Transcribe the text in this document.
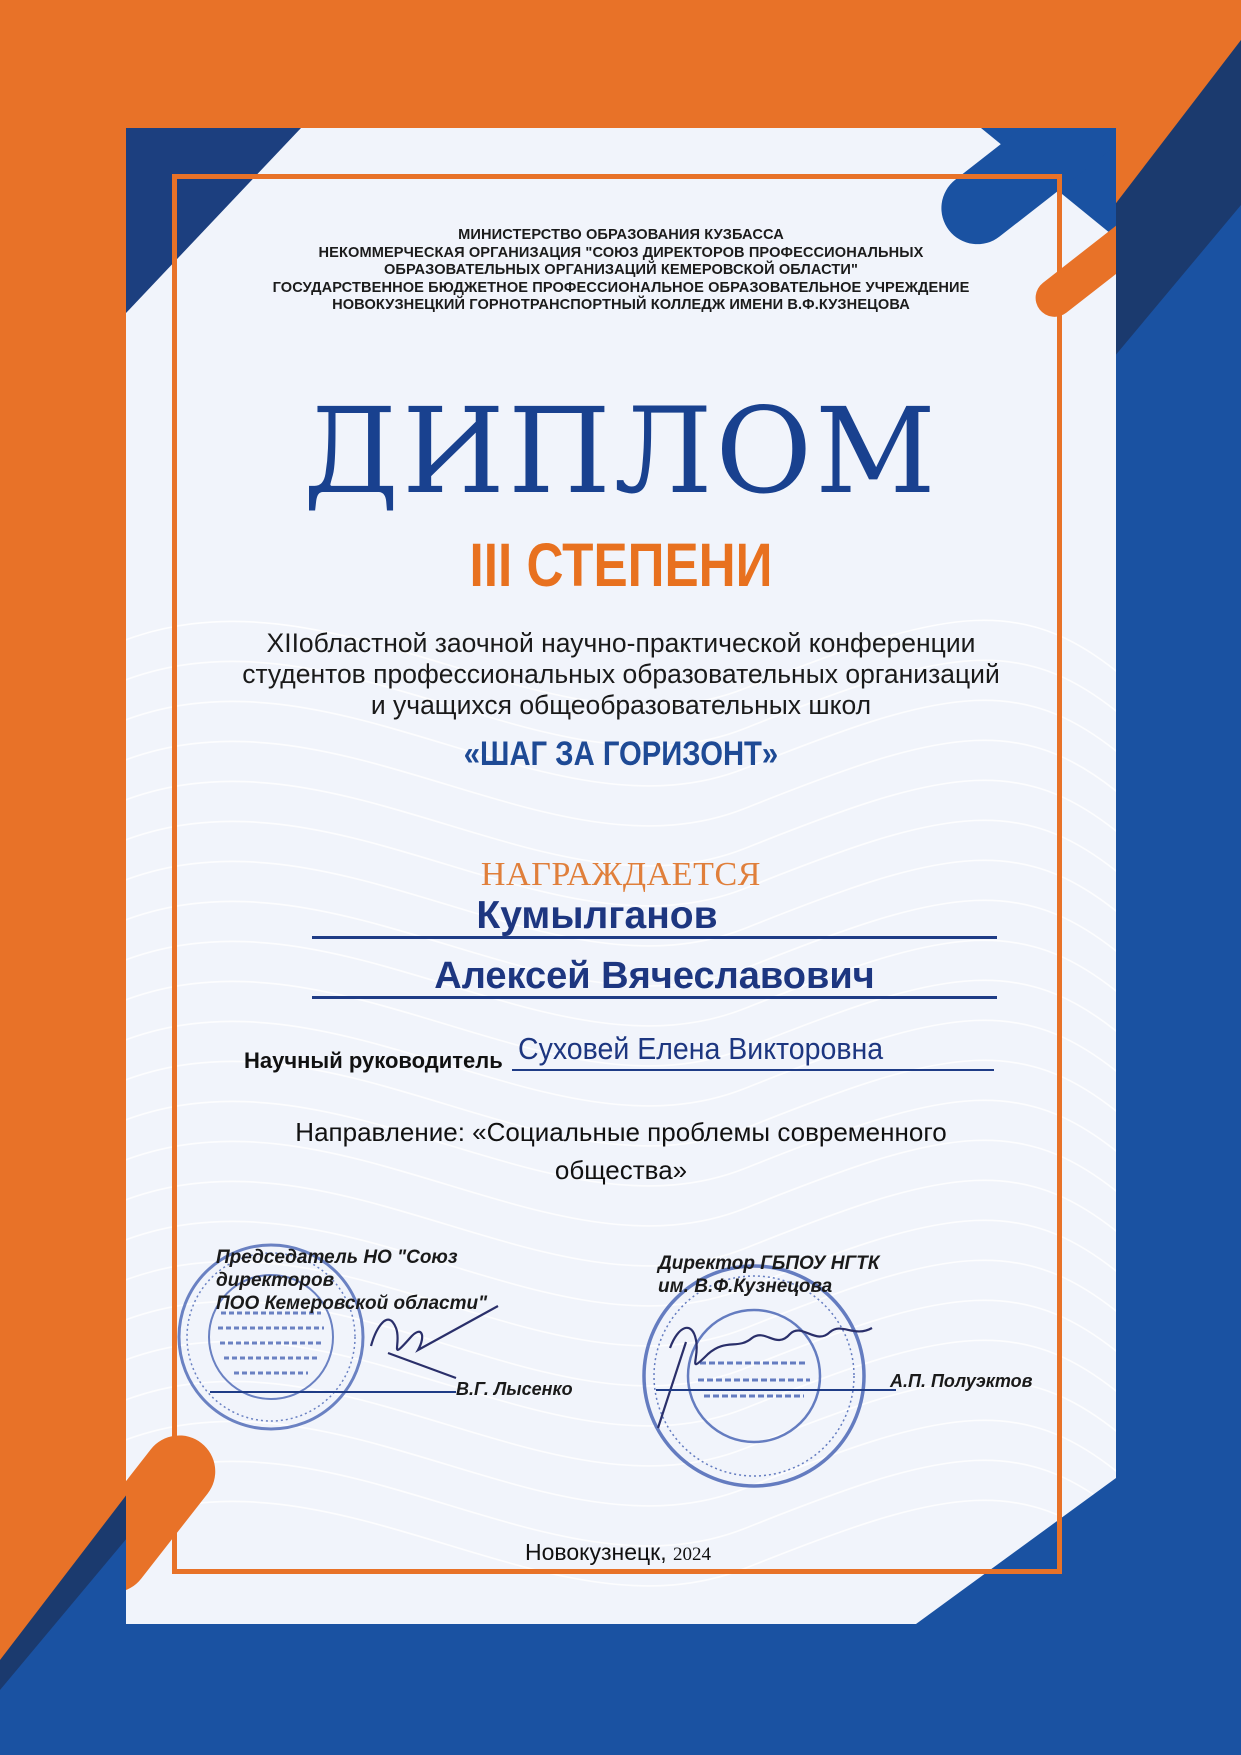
МИНИСТЕРСТВО ОБРАЗОВАНИЯ КУЗБАССА
НЕКОММЕРЧЕСКАЯ ОРГАНИЗАЦИЯ "СОЮЗ ДИРЕКТОРОВ ПРОФЕССИОНАЛЬНЫХ
ОБРАЗОВАТЕЛЬНЫХ ОРГАНИЗАЦИЙ КЕМЕРОВСКОЙ ОБЛАСТИ"
ГОСУДАРСТВЕННОЕ БЮДЖЕТНОЕ ПРОФЕССИОНАЛЬНОЕ ОБРАЗОВАТЕЛЬНОЕ УЧРЕЖДЕНИЕ
НОВОКУЗНЕЦКИЙ ГОРНОТРАНСПОРТНЫЙ КОЛЛЕДЖ ИМЕНИ В.Ф.КУЗНЕЦОВА
ДИПЛОМ
III СТЕПЕНИ
XIIобластной заочной научно-практической конференции
студентов профессиональных образовательных организаций
и учащихся общеобразовательных школ
«ШАГ ЗА ГОРИЗОНТ»
НАГРАЖДАЕТСЯ
Кумылганов
Алексей Вячеславович
Научный руководитель Суховей Елена Викторовна
Направление: «Социальные проблемы современного
общества»
Председатель НО "Союз
директоров
ПОО Кемеровской области"
В.Г. Лысенко
Директор ГБПОУ НГТК
им. В.Ф.Кузнецова
А.П. Полуэктов
Новокузнецк, 2024
